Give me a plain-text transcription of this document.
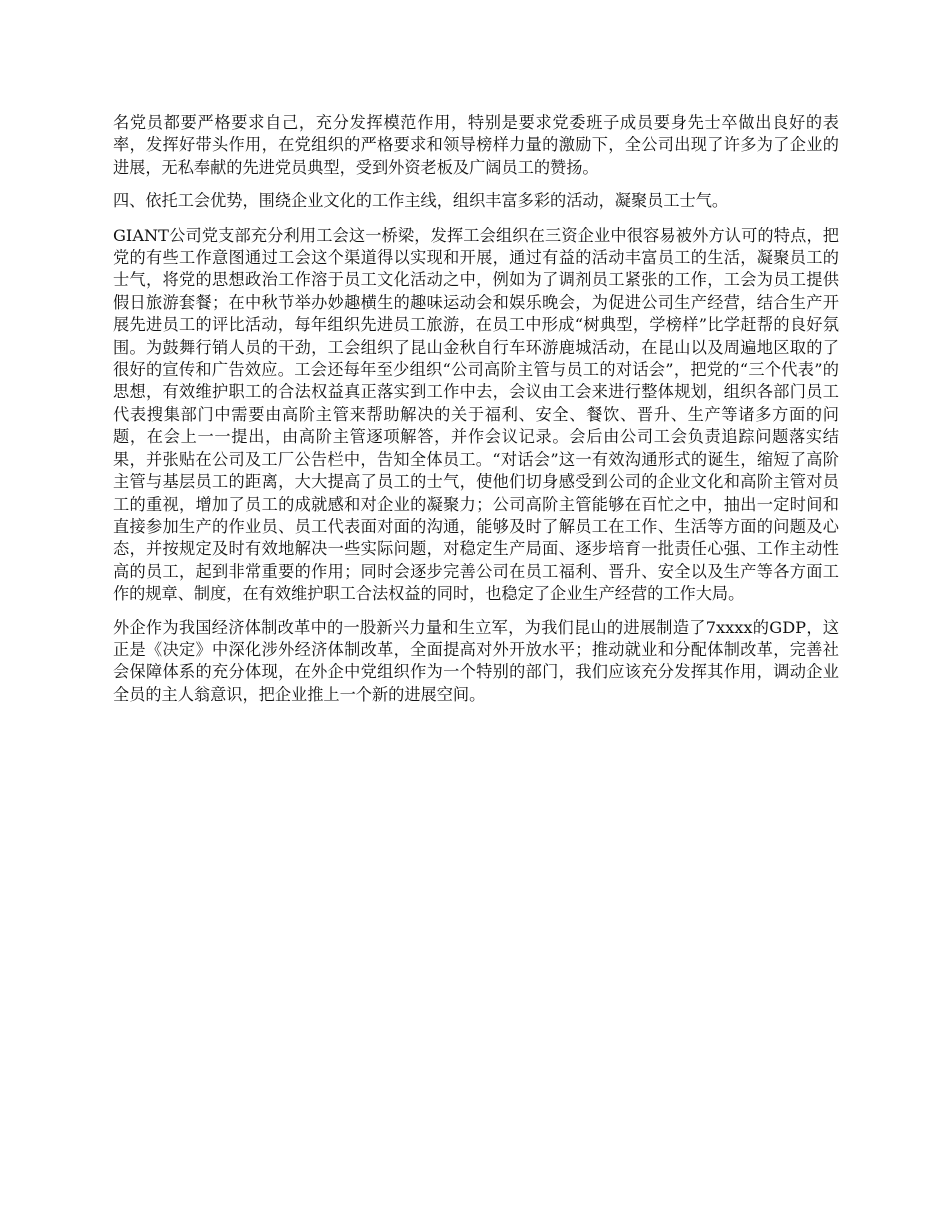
名党员都要严格要求自己，充分发挥模范作用，特别是要求党委班子成员要身先士卒做出良好的表率，发挥好带头作用，在党组织的严格要求和领导榜样力量的激励下，全公司出现了许多为了企业的进展，无私奉献的先进党员典型，受到外资老板及广阔员工的赞扬。

四、依托工会优势，围绕企业文化的工作主线，组织丰富多彩的活动，凝聚员工士气。

GIANT公司党支部充分利用工会这一桥梁，发挥工会组织在三资企业中很容易被外方认可的特点，把党的有些工作意图通过工会这个渠道得以实现和开展，通过有益的活动丰富员工的生活，凝聚员工的士气，将党的思想政治工作溶于员工文化活动之中，例如为了调剂员工紧张的工作，工会为员工提供假日旅游套餐；在中秋节举办妙趣横生的趣味运动会和娱乐晚会，为促进公司生产经营，结合生产开展先进员工的评比活动，每年组织先进员工旅游，在员工中形成“树典型，学榜样”比学赶帮的良好氛围。为鼓舞行销人员的干劲，工会组织了昆山金秋自行车环游鹿城活动，在昆山以及周遍地区取的了很好的宣传和广告效应。工会还每年至少组织“公司高阶主管与员工的对话会”，把党的“三个代表”的思想，有效维护职工的合法权益真正落实到工作中去，会议由工会来进行整体规划，组织各部门员工代表搜集部门中需要由高阶主管来帮助解决的关于福利、安全、餐饮、晋升、生产等诸多方面的问题，在会上一一提出，由高阶主管逐项解答，并作会议记录。会后由公司工会负责追踪问题落实结果，并张贴在公司及工厂公告栏中，告知全体员工。“对话会”这一有效沟通形式的诞生，缩短了高阶主管与基层员工的距离，大大提高了员工的士气，使他们切身感受到公司的企业文化和高阶主管对员工的重视，增加了员工的成就感和对企业的凝聚力；公司高阶主管能够在百忙之中，抽出一定时间和直接参加生产的作业员、员工代表面对面的沟通，能够及时了解员工在工作、生活等方面的问题及心态，并按规定及时有效地解决一些实际问题，对稳定生产局面、逐步培育一批责任心强、工作主动性高的员工，起到非常重要的作用；同时会逐步完善公司在员工福利、晋升、安全以及生产等各方面工作的规章、制度，在有效维护职工合法权益的同时，也稳定了企业生产经营的工作大局。

外企作为我国经济体制改革中的一股新兴力量和生立军，为我们昆山的进展制造了7xxxx的GDP，这正是《决定》中深化涉外经济体制改革，全面提高对外开放水平；推动就业和分配体制改革，完善社会保障体系的充分体现，在外企中党组织作为一个特别的部门，我们应该充分发挥其作用，调动企业全员的主人翁意识，把企业推上一个新的进展空间。
